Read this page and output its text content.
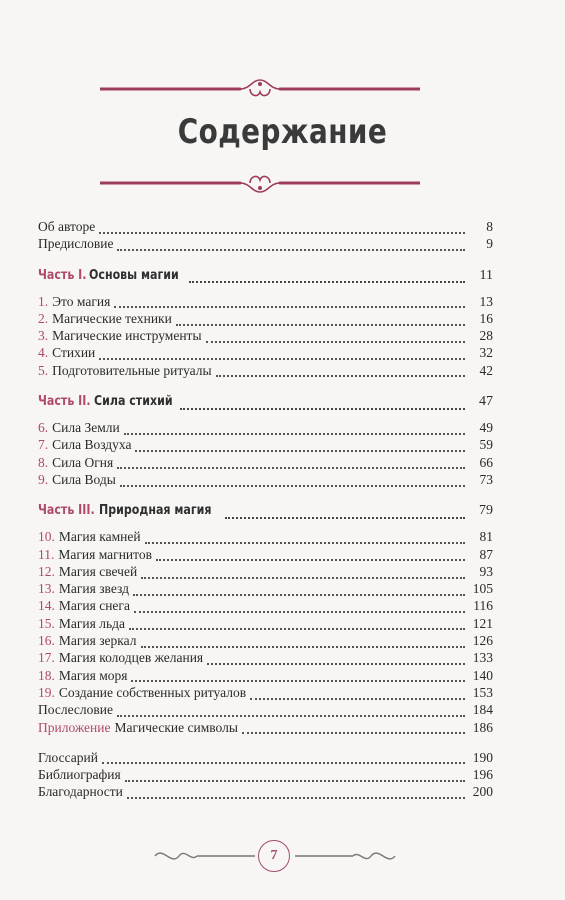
Содержание
Об авторе	8
Предисловие	9
Часть I. Основы магии	11
1. Это магия	13
2. Магические техники	16
3. Магические инструменты	28
4. Стихии	32
5. Подготовительные ритуалы	42
Часть II. Сила стихий	47
6. Сила Земли	49
7. Сила Воздуха	59
8. Сила Огня	66
9. Сила Воды	73
Часть III. Природная магия	79
10. Магия камней	81
11. Магия магнитов	87
12. Магия свечей	93
13. Магия звезд	105
14. Магия снега	116
15. Магия льда	121
16. Магия зеркал	126
17. Магия колодцев желания	133
18. Магия моря	140
19. Создание собственных ритуалов	153
Послесловие	184
Приложение Магические символы	186
Глоссарий	190
Библиография	196
Благодарности	200
7
